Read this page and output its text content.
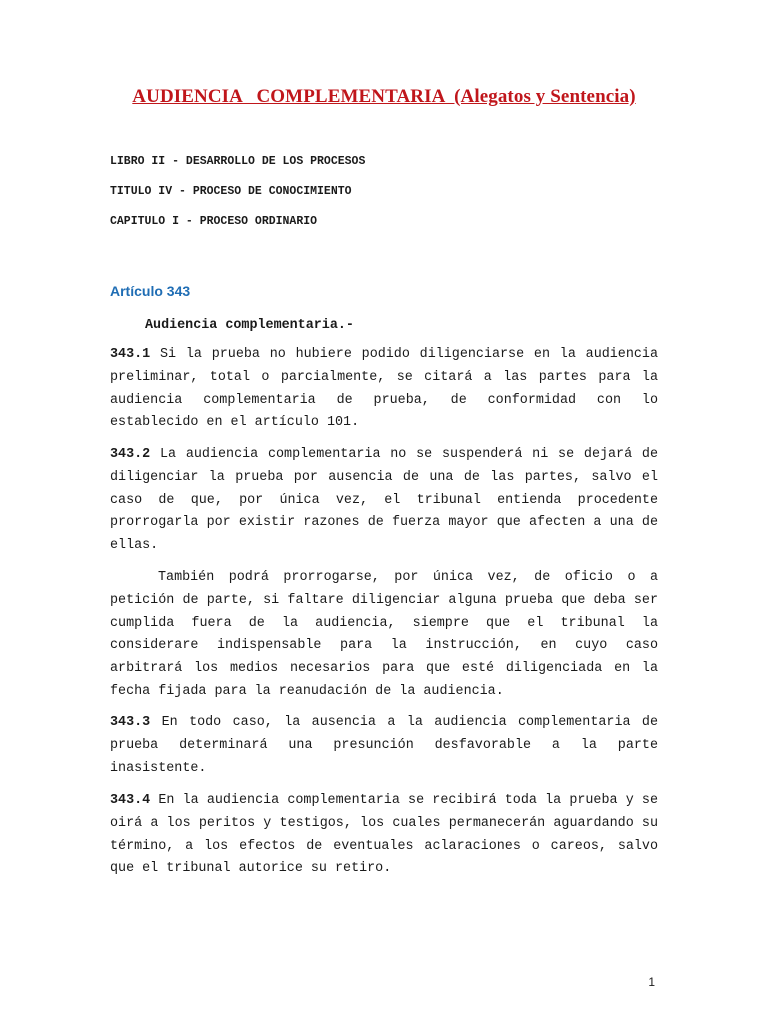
AUDIENCIA   COMPLEMENTARIA  (Alegatos y Sentencia)
LIBRO II - DESARROLLO DE LOS PROCESOS
TITULO IV - PROCESO DE CONOCIMIENTO
CAPITULO I - PROCESO ORDINARIO
Artículo 343
Audiencia complementaria.-
343.1 Si la prueba no hubiere podido diligenciarse en la audiencia preliminar, total o parcialmente, se citará a las partes para la audiencia complementaria de prueba, de conformidad con lo establecido en el artículo 101.
343.2 La audiencia complementaria no se suspenderá ni se dejará de diligenciar la prueba por ausencia de una de las partes, salvo el caso de que, por única vez, el tribunal entienda procedente prorrogarla por existir razones de fuerza mayor que afecten a una de ellas.
También podrá prorrogarse, por única vez, de oficio o a petición de parte, si faltare diligenciar alguna prueba que deba ser cumplida fuera de la audiencia, siempre que el tribunal la considerare indispensable para la instrucción, en cuyo caso arbitrará los medios necesarios para que esté diligenciada en la fecha fijada para la reanudación de la audiencia.
343.3 En todo caso, la ausencia a la audiencia complementaria de prueba determinará una presunción desfavorable a la parte inasistente.
343.4 En la audiencia complementaria se recibirá toda la prueba y se oirá a los peritos y testigos, los cuales permanecerán aguardando su término, a los efectos de eventuales aclaraciones o careos, salvo que el tribunal autorice su retiro.
1
